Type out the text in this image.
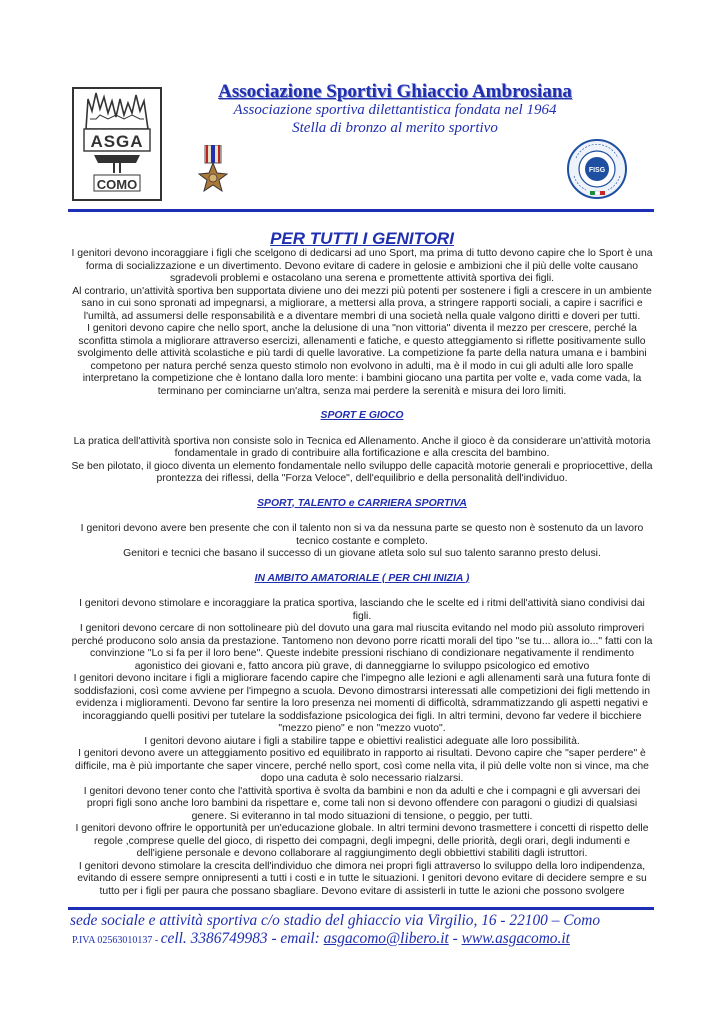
ASGA
COMO
FISG
Associazione Sportivi Ghiaccio Ambrosiana
Associazione sportiva dilettantistica fondata nel 1964
Stella di bronzo al merito sportivo
PER TUTTI I GENITORI

I genitori devono incoraggiare i figli che scelgono di dedicarsi ad uno Sport, ma prima di tutto devono capire che lo Sport è una forma di socializzazione e un divertimento. Devono evitare di cadere in gelosie e ambizioni che il più delle volte causano sgradevoli problemi e ostacolano una serena e promettente attività sportiva dei figli.

Al contrario, un'attività sportiva ben supportata diviene uno dei mezzi più potenti per sostenere i figli a crescere in un ambiente sano in cui sono spronati ad impegnarsi, a migliorare, a mettersi alla prova, a stringere rapporti sociali, a capire i sacrifici e l'umiltà, ad assumersi delle responsabilità e a diventare membri di una società nella quale valgono diritti e doveri per tutti.

I genitori devono capire che nello sport, anche la delusione di una "non vittoria" diventa il mezzo per crescere, perché la sconfitta stimola a migliorare attraverso esercizi, allenamenti e fatiche, e questo atteggiamento si riflette positivamente sullo svolgimento delle attività scolastiche e più tardi di quelle lavorative. La competizione fa parte della natura umana e i bambini competono per natura perché senza questo stimolo non evolvono in adulti, ma è il modo in cui gli adulti alle loro spalle interpretano la competizione che è lontano dalla loro mente: i bambini giocano una partita per volte e, vada come vada, la terminano per cominciarne un'altra, senza mai perdere la serenità e misura dei loro limiti.

SPORT E GIOCO

La pratica dell'attività sportiva non consiste solo in Tecnica ed Allenamento. Anche il gioco è da considerare un'attività motoria fondamentale in grado di contribuire alla fortificazione e alla crescita del bambino.

Se ben pilotato, il gioco diventa un elemento fondamentale nello sviluppo delle capacità motorie generali e propriocettive, della prontezza dei riflessi, della "Forza Veloce", dell'equilibrio e della personalità dell'individuo.

SPORT, TALENTO e CARRIERA SPORTIVA

I genitori devono avere ben presente che con il talento non si va da nessuna parte se questo non è sostenuto da un lavoro tecnico costante e completo.

Genitori e tecnici che basano il successo di un giovane atleta solo sul suo talento saranno presto delusi.

IN AMBITO AMATORIALE ( PER CHI INIZIA )

I genitori devono stimolare e incoraggiare la pratica sportiva, lasciando che le scelte ed i ritmi dell'attività siano condivisi dai figli.

I genitori devono cercare di non sottolineare più del dovuto una gara mal riuscita evitando nel modo più assoluto rimproveri perché producono solo ansia da prestazione. Tantomeno non devono porre ricatti morali del tipo "se tu... allora io..." fatti con la convinzione "Lo si fa per il loro bene". Queste indebite pressioni rischiano di condizionare negativamente il rendimento agonistico dei giovani e, fatto ancora più grave, di danneggiarne lo sviluppo psicologico ed emotivo

I genitori devono incitare i figli a migliorare facendo capire che l'impegno alle lezioni e agli allenamenti sarà una futura fonte di soddisfazioni, così come avviene per l'impegno a scuola. Devono dimostrarsi interessati alle competizioni dei figli mettendo in evidenza i miglioramenti. Devono far sentire la loro presenza nei momenti di difficoltà, sdrammatizzando gli aspetti negativi e incoraggiando quelli positivi per tutelare la soddisfazione psicologica dei figli. In altri termini, devono far vedere il bicchiere "mezzo pieno" e non "mezzo vuoto".

I genitori devono aiutare i figli a stabilire tappe e obiettivi realistici adeguate alle loro possibilità.

I genitori devono avere un atteggiamento positivo ed equilibrato in rapporto ai risultati. Devono capire che "saper perdere" è difficile, ma è più importante che saper vincere, perché nello sport, così come nella vita, il più delle volte non si vince, ma che dopo una caduta è solo necessario rialzarsi.

I genitori devono tener conto che l'attività sportiva è svolta da bambini e non da adulti e che i compagni e gli avversari dei propri figli sono anche loro bambini da rispettare e, come tali non si devono offendere con paragoni o giudizi di qualsiasi genere. Si eviteranno in tal modo situazioni di tensione, o peggio, per tutti.

I genitori devono offrire le opportunità per un'educazione globale. In altri termini devono trasmettere i concetti di rispetto delle regole ,comprese quelle del gioco, di rispetto dei compagni, degli impegni, delle priorità, degli orari, degli indumenti e dell'igiene personale e devono collaborare al raggiungimento degli obbiettivi stabiliti dagli istruttori.

I genitori devono stimolare la crescita dell'individuo che dimora nei propri figli attraverso lo sviluppo della loro indipendenza, evitando di essere sempre onnipresenti a tutti i costi e in tutte le situazioni. I genitori devono evitare di decidere sempre e su tutto per i figli per paura che possano sbagliare. Devono evitare di assisterli in tutte le azioni che possono svolgere

sede sociale e attività sportiva c/o stadio del ghiaccio via Virgilio, 16 - 22100 – Como
P.IVA 02563010137 - cell. 3386749983 - email: asgacomo@libero.it - www.asgacomo.it
